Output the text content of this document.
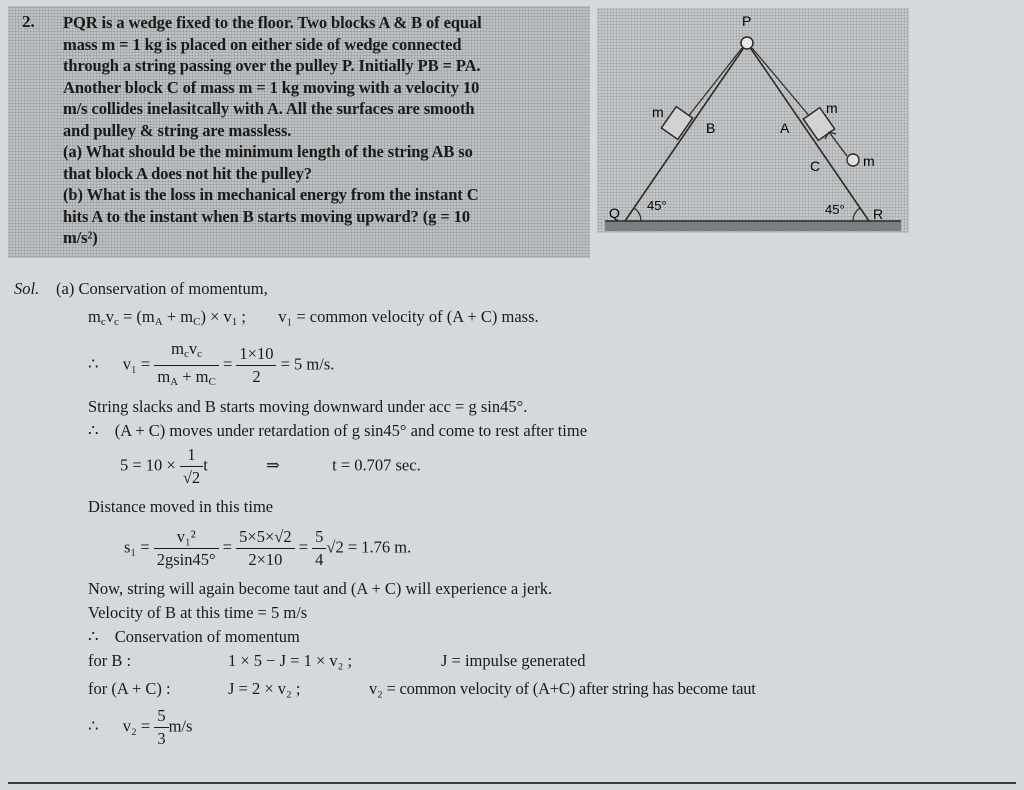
2. PQR is a wedge fixed to the floor. Two blocks A & B of equal
mass m = 1 kg is placed on either side of wedge connected
through a string passing over the pulley P. Initially PB = PA.
Another block C of mass m = 1 kg moving with a velocity 10
m/s collides inelasitcally with A. All the surfaces are smooth
and pulley & string are massless.
(a) What should be the minimum length of the string AB so
that block A does not hit the pulley?
(b) What is the loss in mechanical energy from the instant C
hits A to the instant when B starts moving upward? (g = 10
m/s²)
P
Q	R
B	A
C
m	m
m
45°	45°
Sol. (a) Conservation of momentum,
$m_cv_c = (m_A + m_C) \times v_1$ ;  v₁ = common velocity of (A + C) mass.
∴ $v_1 = \frac{m_cv_c}{m_A + m_C} = \frac{1\times 10}{2} = 5$ m/s.
String slacks and B starts moving downward under acc = g sin45°.
∴ (A + C) moves under retardation of g sin45° and come to rest after time
$5 = 10 \times \frac{1}{√2}$ t	⇒	t = 0.707 sec.
Distance moved in this time
$s_1 = \frac{\text{v₁²}}{2gsin45^\circ} = \frac{5\times 5\times√2}{2\times 10} = \frac{5}{4} √2 = 1.76$ m.
Now, string will again become taut and (A + C) will experience a jerk.
Velocity of B at this time = 5 m/s
∴ Conservation of momentum
for B :	1 × 5 − J = 1 × v₂ ;	J = impulse generated
for (A + C) :	J = 2 × v₂ ;	v₂ = common velocity of (A+C) after string has become taut
∴ $v_2 = \frac{5}{3} m/s$
